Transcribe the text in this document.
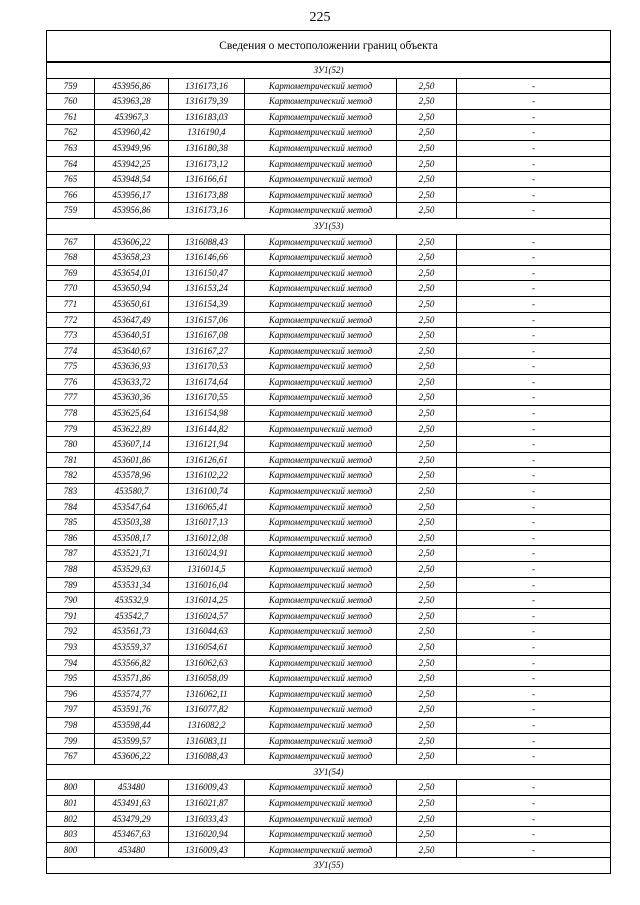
225
Сведения о местоположении границ объекта					
ЗУ1(52)					
759	453956,86	1316173,16	Картометрический метод	2,50	-
760	453963,28	1316179,39	Картометрический метод	2,50	-
761	453967,3	1316183,03	Картометрический метод	2,50	-
762	453960,42	1316190,4	Картометрический метод	2,50	-
763	453949,96	1316180,38	Картометрический метод	2,50	-
764	453942,25	1316173,12	Картометрический метод	2,50	-
765	453948,54	1316166,61	Картометрический метод	2,50	-
766	453956,17	1316173,88	Картометрический метод	2,50	-
759	453956,86	1316173,16	Картометрический метод	2,50	-
ЗУ1(53)					
767	453606,22	1316088,43	Картометрический метод	2,50	-
768	453658,23	1316146,66	Картометрический метод	2,50	-
769	453654,01	1316150,47	Картометрический метод	2,50	-
770	453650,94	1316153,24	Картометрический метод	2,50	-
771	453650,61	1316154,39	Картометрический метод	2,50	-
772	453647,49	1316157,06	Картометрический метод	2,50	-
773	453640,51	1316167,08	Картометрический метод	2,50	-
774	453640,67	1316167,27	Картометрический метод	2,50	-
775	453636,93	1316170,53	Картометрический метод	2,50	-
776	453633,72	1316174,64	Картометрический метод	2,50	-
777	453630,36	1316170,55	Картометрический метод	2,50	-
778	453625,64	1316154,98	Картометрический метод	2,50	-
779	453622,89	1316144,82	Картометрический метод	2,50	-
780	453607,14	1316121,94	Картометрический метод	2,50	-
781	453601,86	1316126,61	Картометрический метод	2,50	-
782	453578,96	1316102,22	Картометрический метод	2,50	-
783	453580,7	1316100,74	Картометрический метод	2,50	-
784	453547,64	1316065,41	Картометрический метод	2,50	-
785	453503,38	1316017,13	Картометрический метод	2,50	-
786	453508,17	1316012,08	Картометрический метод	2,50	-
787	453521,71	1316024,91	Картометрический метод	2,50	-
788	453529,63	1316014,5	Картометрический метод	2,50	-
789	453531,34	1316016,04	Картометрический метод	2,50	-
790	453532,9	1316014,25	Картометрический метод	2,50	-
791	453542,7	1316024,57	Картометрический метод	2,50	-
792	453561,73	1316044,63	Картометрический метод	2,50	-
793	453559,37	1316054,61	Картометрический метод	2,50	-
794	453566,82	1316062,63	Картометрический метод	2,50	-
795	453571,86	1316058,09	Картометрический метод	2,50	-
796	453574,77	1316062,11	Картометрический метод	2,50	-
797	453591,76	1316077,82	Картометрический метод	2,50	-
798	453598,44	1316082,2	Картометрический метод	2,50	-
799	453599,57	1316083,11	Картометрический метод	2,50	-
767	453606,22	1316088,43	Картометрический метод	2,50	-
ЗУ1(54)					
800	453480	1316009,43	Картометрический метод	2,50	-
801	453491,63	1316021,87	Картометрический метод	2,50	-
802	453479,29	1316033,43	Картометрический метод	2,50	-
803	453467,63	1316020,94	Картометрический метод	2,50	-
800	453480	1316009,43	Картометрический метод	2,50	-
ЗУ1(55)					
